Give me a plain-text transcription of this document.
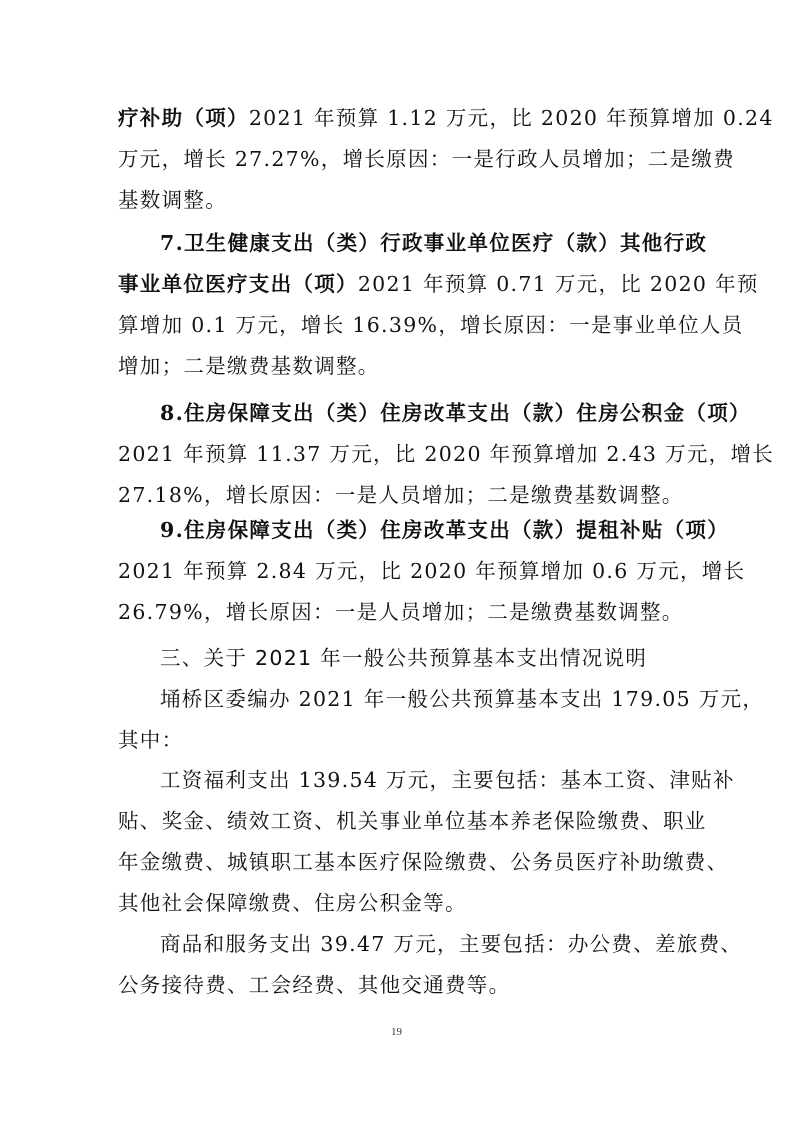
疗补助（项）2021 年预算 1.12 万元，比 2020 年预算增加 0.24
万元，增长 27.27%，增长原因：一是行政人员增加；二是缴费
基数调整。
7.卫生健康支出（类）行政事业单位医疗（款）其他行政
事业单位医疗支出（项）2021 年预算 0.71 万元，比 2020 年预
算增加 0.1 万元，增长 16.39%，增长原因：一是事业单位人员
增加；二是缴费基数调整。
8.住房保障支出（类）住房改革支出（款）住房公积金（项）
2021 年预算 11.37 万元，比 2020 年预算增加 2.43 万元，增长
27.18%，增长原因：一是人员增加；二是缴费基数调整。
9.住房保障支出（类）住房改革支出（款）提租补贴（项）
2021 年预算 2.84 万元，比 2020 年预算增加 0.6 万元，增长
26.79%，增长原因：一是人员增加；二是缴费基数调整。
三、关于 2021 年一般公共预算基本支出情况说明
埇桥区委编办 2021 年一般公共预算基本支出 179.05 万元，
其中：
工资福利支出 139.54 万元，主要包括：基本工资、津贴补
贴、奖金、绩效工资、机关事业单位基本养老保险缴费、职业
年金缴费、城镇职工基本医疗保险缴费、公务员医疗补助缴费、
其他社会保障缴费、住房公积金等。
商品和服务支出 39.47 万元，主要包括：办公费、差旅费、
公务接待费、工会经费、其他交通费等。
19
